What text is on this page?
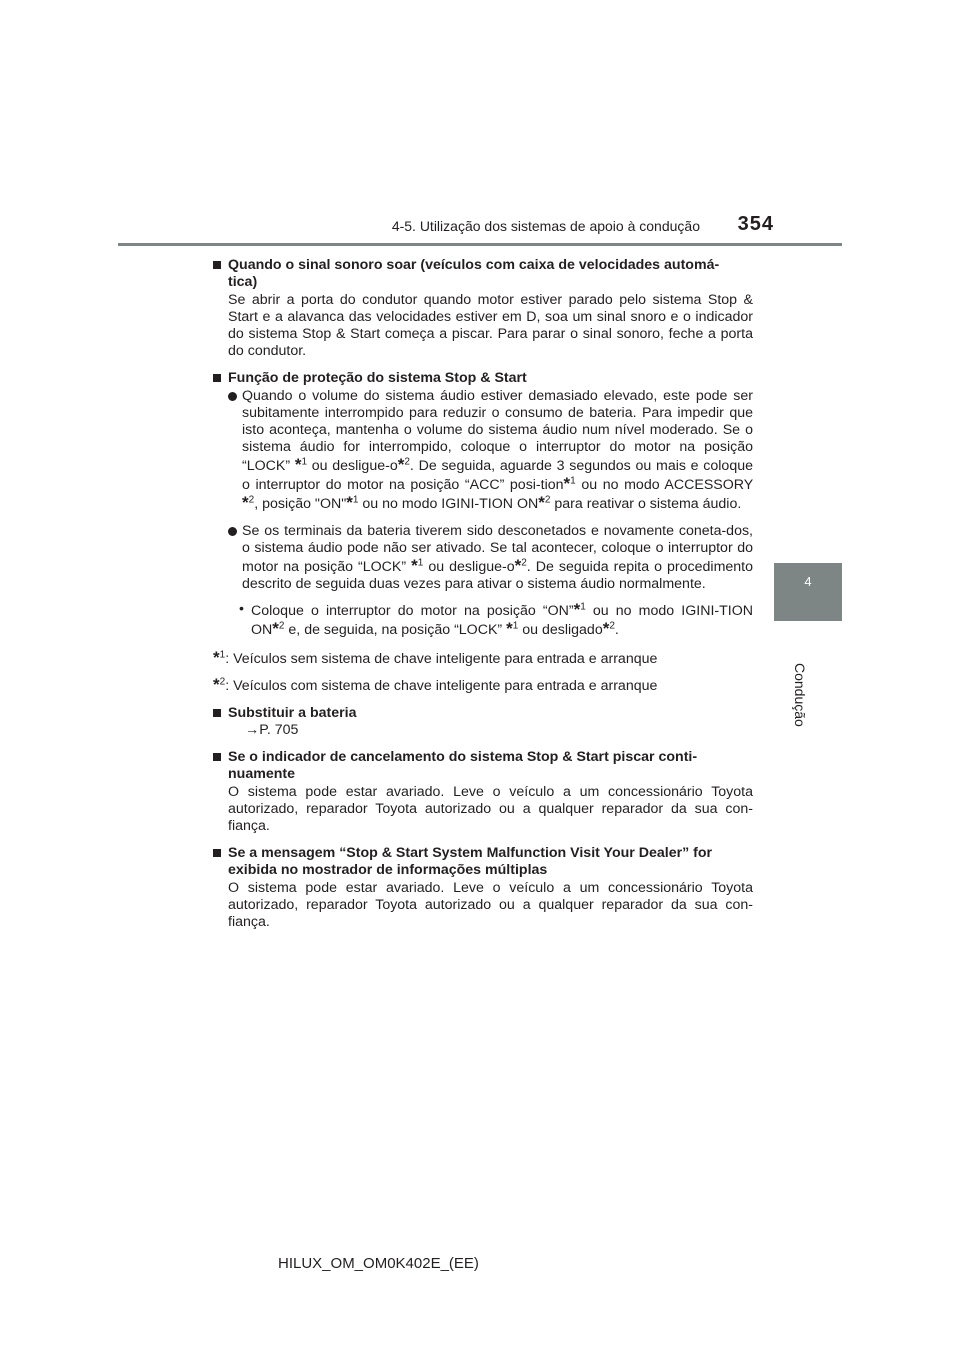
4-5. Utilização dos sistemas de apoio à condução	354
4
Condução
Quando o sinal sonoro soar (veículos com caixa de velocidades automá-
tica)

Se abrir a porta do condutor quando motor estiver parado pelo sistema Stop & Start e a alavanca das velocidades estiver em D, soa um sinal snoro e o indicador do sistema Stop & Start começa a piscar. Para parar o sinal sonoro, feche a porta do condutor.

Função de proteção do sistema Stop & Start
Quando o volume do sistema áudio estiver demasiado elevado, este pode ser subitamente interrompido para reduzir o consumo de bateria. Para impedir que isto aconteça, mantenha o volume do sistema áudio num nível moderado. Se o sistema áudio for interrompido, coloque o interruptor do motor na posição “LOCK” *$^1$ ou desligue-o*$^2$. De seguida, aguarde 3 segundos ou mais e coloque o interruptor do motor na posição “ACC” posi-tion*$^1$ ou no modo ACCESSORY *$^2$, posição "ON"*$^1$ ou no modo IGINI-TION ON*$^2$ para reativar o sistema áudio.
Se os terminais da bateria tiverem sido desconetados e novamente coneta-dos, o sistema áudio pode não ser ativado. Se tal acontecer, coloque o interruptor do motor na posição “LOCK” *$^1$ ou desligue-o*$^2$. De seguida repita o procedimento descrito de seguida duas vezes para ativar o sistema áudio normalmente.
• Coloque o interruptor do motor na posição “ON”*$^1$ ou no modo IGINI-TION ON*$^2$ e, de seguida, na posição “LOCK” *$^1$ ou desligado*$^2$.
*$^1$: Veículos sem sistema de chave inteligente para entrada e arranque
*$^2$: Veículos com sistema de chave inteligente para entrada e arranque
Substituir a bateria

→P. 705

Se o indicador de cancelamento do sistema Stop & Start piscar conti-
nuamente

O sistema pode estar avariado. Leve o veículo a um concessionário Toyota autorizado, reparador Toyota autorizado ou a qualquer reparador da sua con-fiança.

Se a mensagem “Stop & Start System Malfunction Visit Your Dealer” for
exibida no mostrador de informações múltiplas

O sistema pode estar avariado. Leve o veículo a um concessionário Toyota autorizado, reparador Toyota autorizado ou a qualquer reparador da sua con-fiança.

HILUX_OM_OM0K402E_(EE)
